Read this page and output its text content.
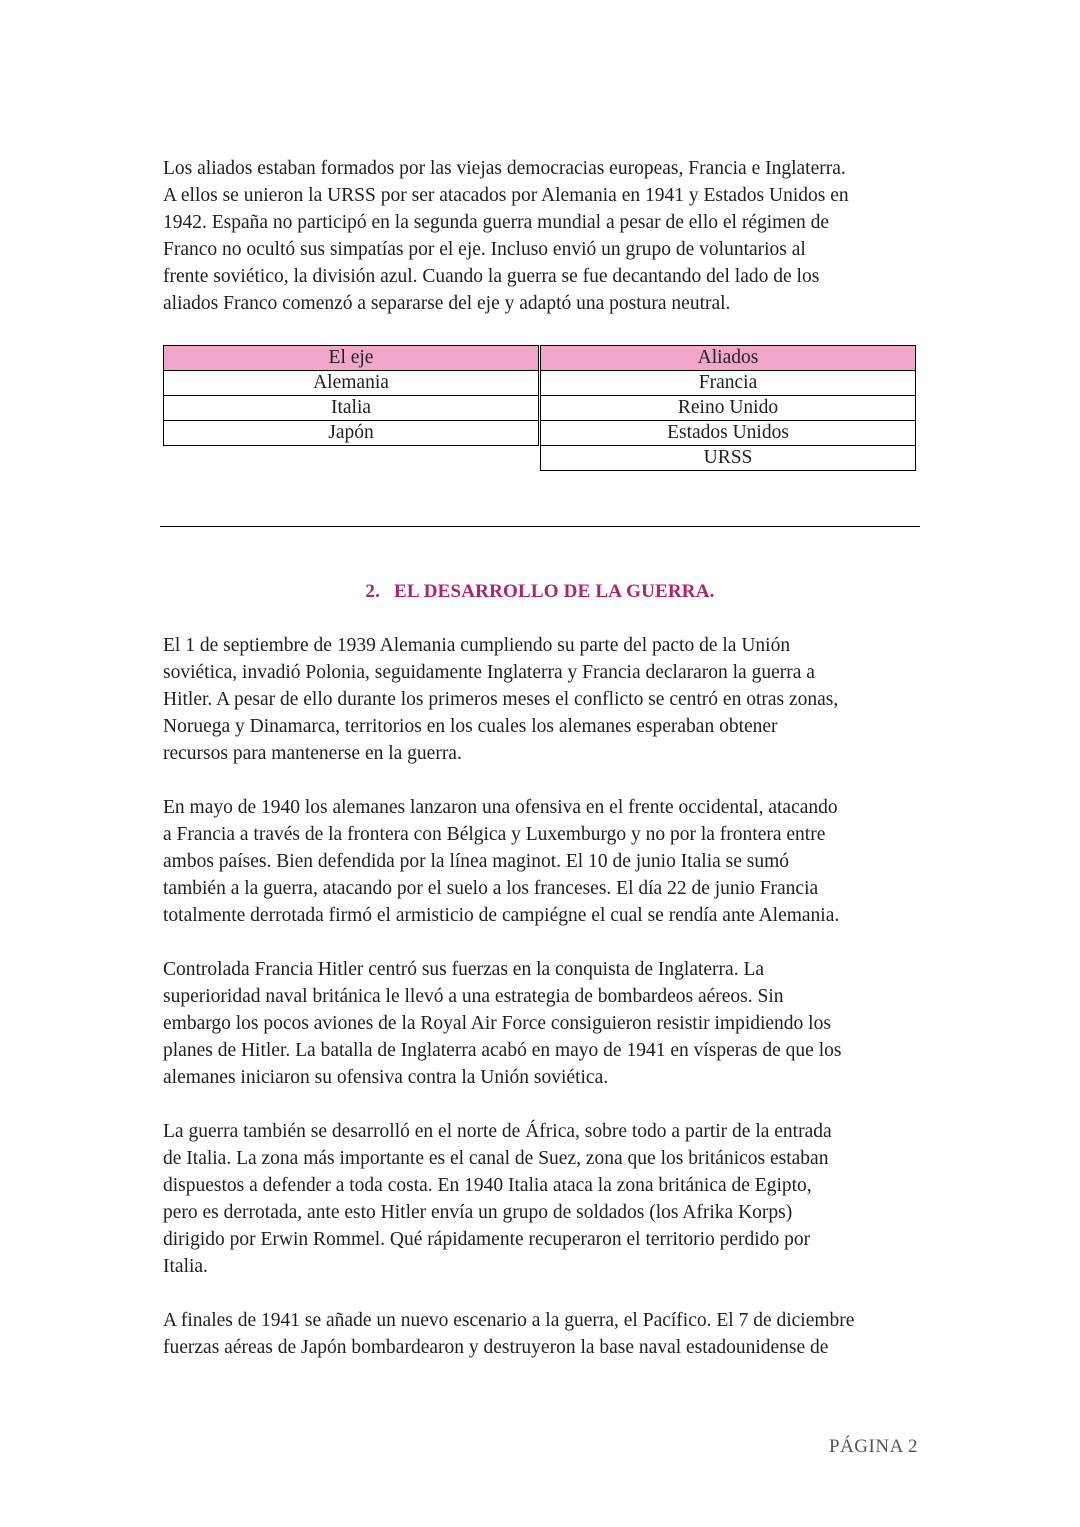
Los aliados estaban formados por las viejas democracias europeas, Francia e Inglaterra.
A ellos se unieron la URSS por ser atacados por Alemania en 1941 y Estados Unidos en
1942. España no participó en la segunda guerra mundial a pesar de ello el régimen de
Franco no ocultó sus simpatías por el eje. Incluso envió un grupo de voluntarios al
frente soviético, la división azul. Cuando la guerra se fue decantando del lado de los
aliados Franco comenzó a separarse del eje y adaptó una postura neutral.

El eje
Alemania
Italia
Japón
Aliados
Francia
Reino Unido
Estados Unidos
URSS
2. EL DESARROLLO DE LA GUERRA.

El 1 de septiembre de 1939 Alemania cumpliendo su parte del pacto de la Unión
soviética, invadió Polonia, seguidamente Inglaterra y Francia declararon la guerra a
Hitler. A pesar de ello durante los primeros meses el conflicto se centró en otras zonas,
Noruega y Dinamarca, territorios en los cuales los alemanes esperaban obtener
recursos para mantenerse en la guerra.

En mayo de 1940 los alemanes lanzaron una ofensiva en el frente occidental, atacando
a Francia a través de la frontera con Bélgica y Luxemburgo y no por la frontera entre
ambos países. Bien defendida por la línea maginot. El 10 de junio Italia se sumó
también a la guerra, atacando por el suelo a los franceses. El día 22 de junio Francia
totalmente derrotada firmó el armisticio de campiégne el cual se rendía ante Alemania.

Controlada Francia Hitler centró sus fuerzas en la conquista de Inglaterra. La
superioridad naval británica le llevó a una estrategia de bombardeos aéreos. Sin
embargo los pocos aviones de la Royal Air Force consiguieron resistir impidiendo los
planes de Hitler. La batalla de Inglaterra acabó en mayo de 1941 en vísperas de que los
alemanes iniciaron su ofensiva contra la Unión soviética.

La guerra también se desarrolló en el norte de África, sobre todo a partir de la entrada
de Italia. La zona más importante es el canal de Suez, zona que los británicos estaban
dispuestos a defender a toda costa. En 1940 Italia ataca la zona británica de Egipto,
pero es derrotada, ante esto Hitler envía un grupo de soldados (los Afrika Korps)
dirigido por Erwin Rommel. Qué rápidamente recuperaron el territorio perdido por
Italia.

A finales de 1941 se añade un nuevo escenario a la guerra, el Pacífico. El 7 de diciembre
fuerzas aéreas de Japón bombardearon y destruyeron la base naval estadounidense de

PÁGINA 2
